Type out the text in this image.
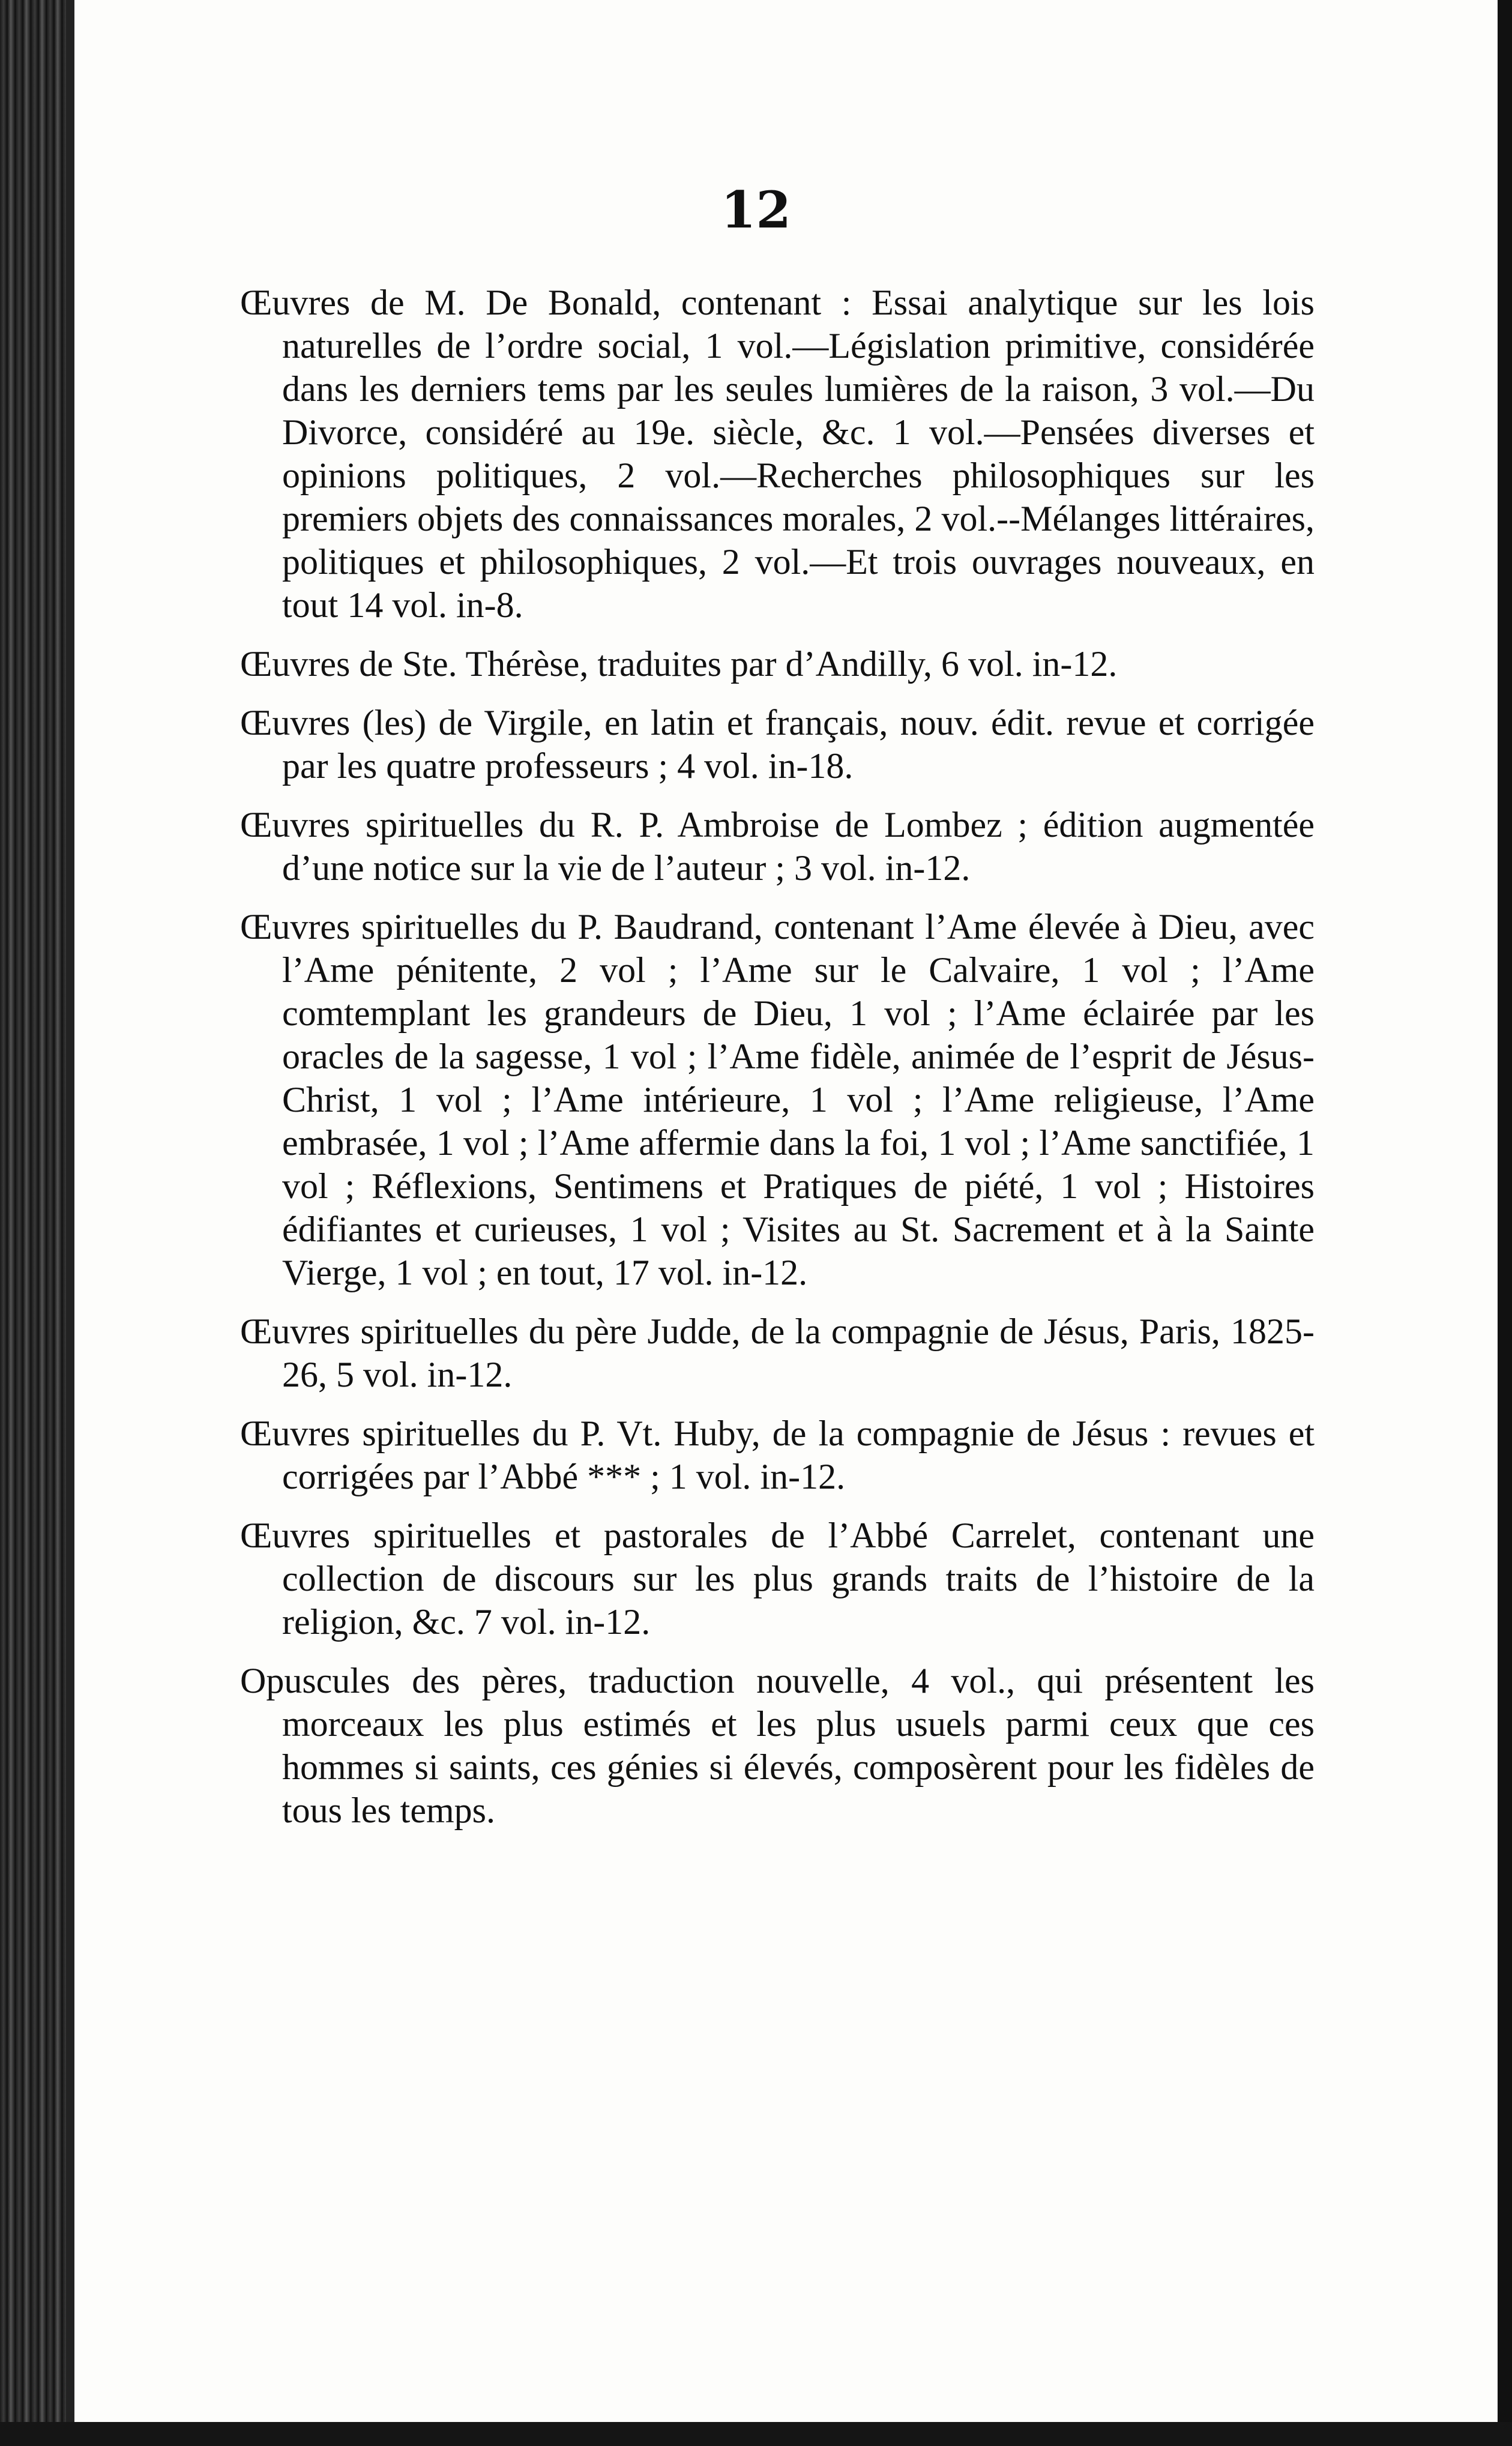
12

Œuvres de M. De Bonald, contenant : Essai analytique sur les lois naturelles de l’ordre social, 1 vol.—Législation primitive, considérée dans les derniers tems par les seules lumières de la raison, 3 vol.—Du Divorce, considéré au 19e. siècle, &c. 1 vol.—Pensées diverses et opinions politiques, 2 vol.—Recherches philosophiques sur les premiers objets des connaissances morales, 2 vol.--Mélanges littéraires, politiques et philosophiques, 2 vol.—Et trois ouvrages nouveaux, en tout 14 vol. in-8.

Œuvres de Ste. Thérèse, traduites par d’Andilly, 6 vol. in-12.

Œuvres (les) de Virgile, en latin et français, nouv. édit. revue et corrigée par les quatre professeurs ; 4 vol. in-18.

Œuvres spirituelles du R. P. Ambroise de Lombez ; édition augmentée d’une notice sur la vie de l’auteur ; 3 vol. in-12.

Œuvres spirituelles du P. Baudrand, contenant l’Ame élevée à Dieu, avec l’Ame pénitente, 2 vol ; l’Ame sur le Calvaire, 1 vol ; l’Ame comtemplant les grandeurs de Dieu, 1 vol ; l’Ame éclairée par les oracles de la sagesse, 1 vol ; l’Ame fidèle, animée de l’esprit de Jésus-Christ, 1 vol ; l’Ame intérieure, 1 vol ; l’Ame religieuse, l’Ame embrasée, 1 vol ; l’Ame affermie dans la foi, 1 vol ; l’Ame sanctifiée, 1 vol ; Réflexions, Sentimens et Pratiques de piété, 1 vol ; Histoires édifiantes et curieuses, 1 vol ; Visites au St. Sacrement et à la Sainte Vierge, 1 vol ; en tout, 17 vol. in-12.

Œuvres spirituelles du père Judde, de la compagnie de Jésus, Paris, 1825-26, 5 vol. in-12.

Œuvres spirituelles du P. Vt. Huby, de la compagnie de Jésus : revues et corrigées par l’Abbé *** ; 1 vol. in-12.

Œuvres spirituelles et pastorales de l’Abbé Carrelet, contenant une collection de discours sur les plus grands traits de l’histoire de la religion, &c. 7 vol. in-12.

Opuscules des pères, traduction nouvelle, 4 vol., qui présentent les morceaux les plus estimés et les plus usuels parmi ceux que ces hommes si saints, ces génies si élevés, composèrent pour les fidèles de tous les temps.
